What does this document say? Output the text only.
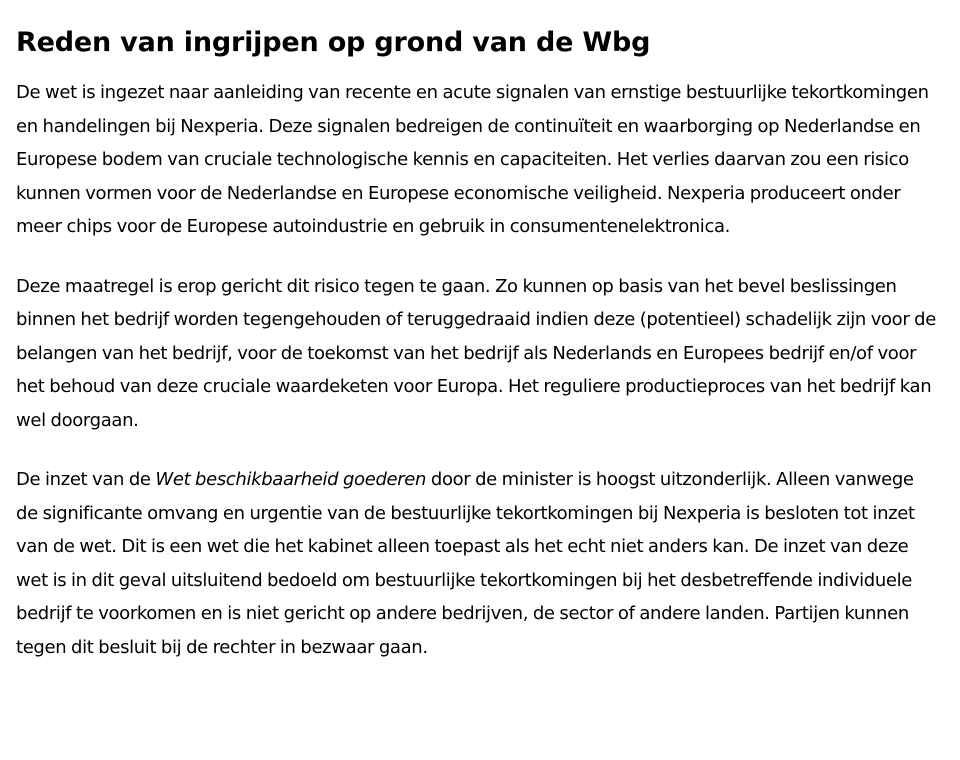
Reden van ingrijpen op grond van de Wbg

De wet is ingezet naar aanleiding van recente en acute signalen van ernstige bestuurlijke tekortkomingen en handelingen bij Nexperia. Deze signalen bedreigen de continuïteit en waarborging op Nederlandse en Europese bodem van cruciale technologische kennis en capaciteiten. Het verlies daarvan zou een risico kunnen vormen voor de Nederlandse en Europese economische veiligheid. Nexperia produceert onder meer chips voor de Europese autoindustrie en gebruik in consumentenelektronica.

Deze maatregel is erop gericht dit risico tegen te gaan. Zo kunnen op basis van het bevel beslissingen binnen het bedrijf worden tegengehouden of teruggedraaid indien deze (potentieel) schadelijk zijn voor de belangen van het bedrijf, voor de toekomst van het bedrijf als Nederlands en Europees bedrijf en/of voor het behoud van deze cruciale waardeketen voor Europa. Het reguliere productieproces van het bedrijf kan wel doorgaan.

De inzet van de Wet beschikbaarheid goederen door de minister is hoogst uitzonderlijk. Alleen vanwege de significante omvang en urgentie van de bestuurlijke tekortkomingen bij Nexperia is besloten tot inzet van de wet. Dit is een wet die het kabinet alleen toepast als het echt niet anders kan. De inzet van deze wet is in dit geval uitsluitend bedoeld om bestuurlijke tekortkomingen bij het desbetreffende individuele bedrijf te voorkomen en is niet gericht op andere bedrijven, de sector of andere landen. Partijen kunnen tegen dit besluit bij de rechter in bezwaar gaan.
